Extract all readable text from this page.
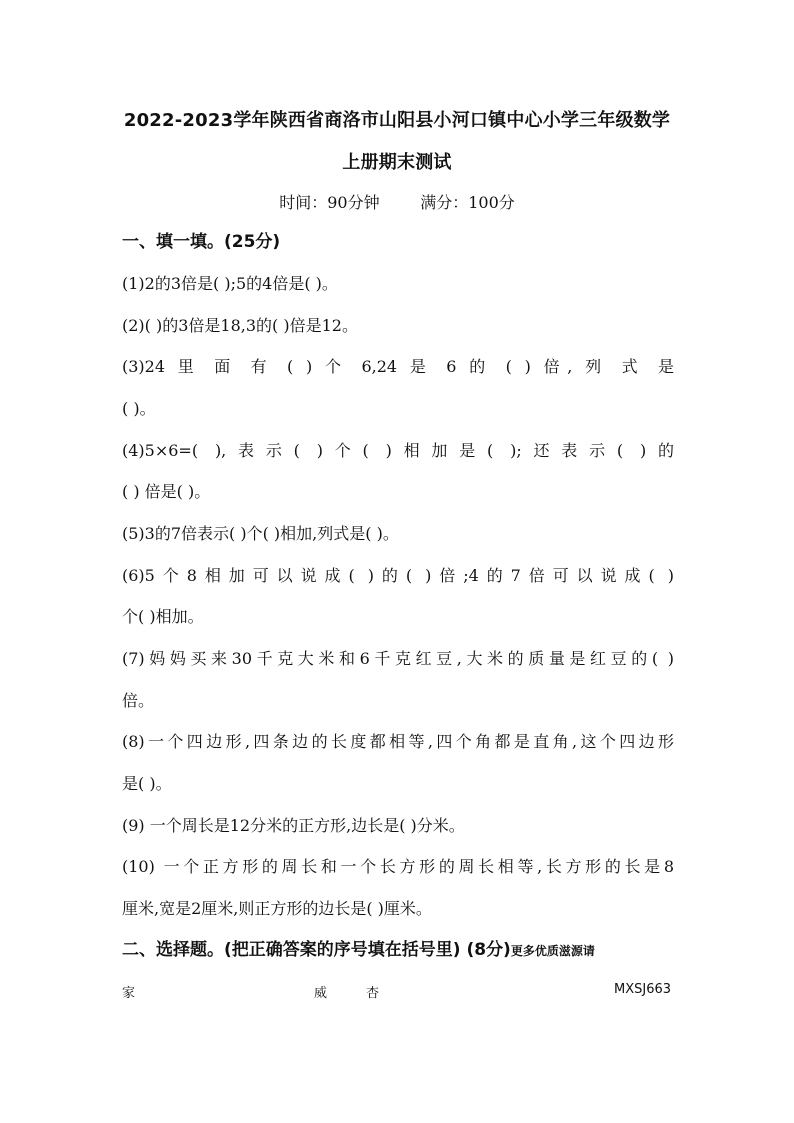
2022-2023学年陕西省商洛市山阳县小河口镇中心小学三年级数学
上册期末测试
时间：90分钟        满分：100分
一、填一填。(25分)
(1)2的3倍是( );5的4倍是( )。
(2)( )的3倍是18,3的( )倍是12。
(3)24 里 面 有 ( ) 个 6,24 是 6 的 ( ) 倍, 列 式 是
( )。
(4)5×6=( ),表示( )个( )相加是( );还表示( )的
( ) 倍是( )。
(5)3的7倍表示( )个( )相加,列式是( )。
(6)5个8相加可以说成( )的( )倍;4的7倍可以说成( )
个( )相加。
(7)妈妈买来30千克大米和6千克红豆,大米的质量是红豆的( )
倍。
(8)一个四边形,四条边的长度都相等,四个角都是直角,这个四边形
是( )。
(9) 一个周长是12分米的正方形,边长是( )分米。
(10) 一个正方形的周长和一个长方形的周长相等,长方形的长是8
厘米,宽是2厘米,则正方形的边长是( )厘米。
二、选择题。(把正确答案的序号填在括号里) (8分)更多优质滋源请
家	威	杏	MXSJ663
